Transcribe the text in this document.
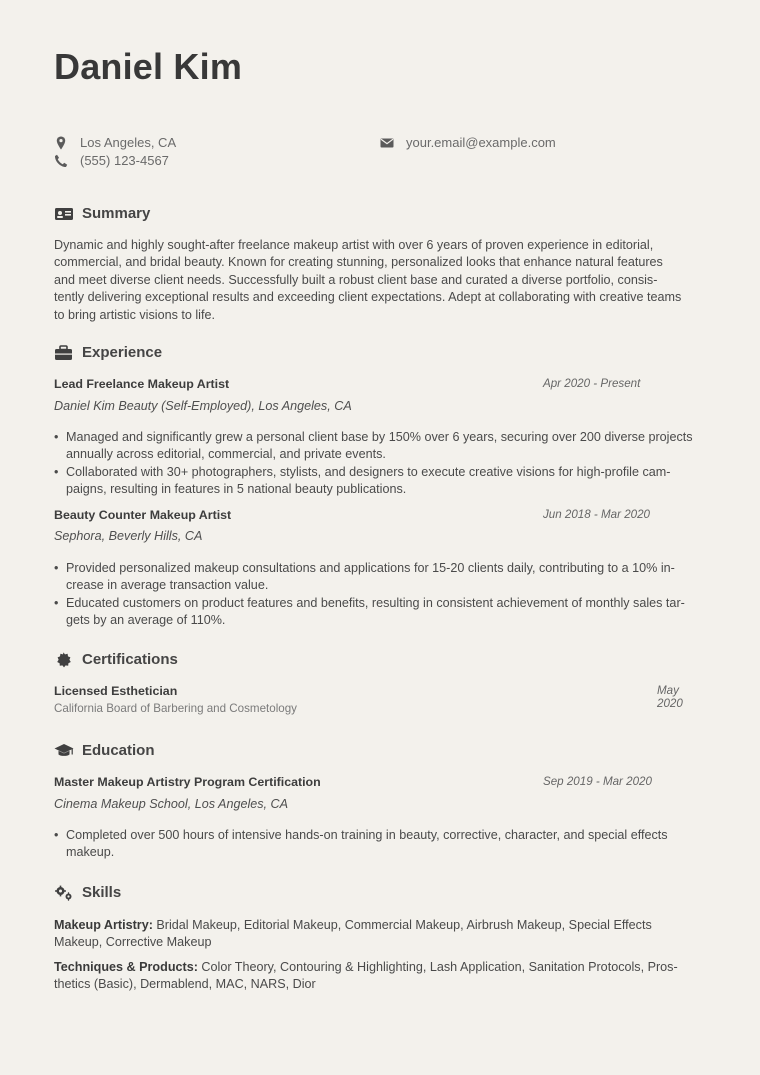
Daniel Kim
Los Angeles, CA	your.email@example.com
(555) 123-4567
Summary
Dynamic and highly sought-after freelance makeup artist with over 6 years of proven experience in editorial,
commercial, and bridal beauty. Known for creating stunning, personalized looks that enhance natural features
and meet diverse client needs. Successfully built a robust client base and curated a diverse portfolio, consis-
tently delivering exceptional results and exceeding client expectations. Adept at collaborating with creative teams
to bring artistic visions to life.
Experience
Lead Freelance Makeup Artist	Apr 2020 - Present
Daniel Kim Beauty (Self-Employed), Los Angeles, CA
• Managed and significantly grew a personal client base by 150% over 6 years, securing over 200 diverse projects
annually across editorial, commercial, and private events.
• Collaborated with 30+ photographers, stylists, and designers to execute creative visions for high-profile cam-
paigns, resulting in features in 5 national beauty publications.
Beauty Counter Makeup Artist	Jun 2018 - Mar 2020
Sephora, Beverly Hills, CA
• Provided personalized makeup consultations and applications for 15-20 clients daily, contributing to a 10% in-
crease in average transaction value.
• Educated customers on product features and benefits, resulting in consistent achievement of monthly sales tar-
gets by an average of 110%.
Certifications
Licensed Esthetician	May 2020
California Board of Barbering and Cosmetology
Education
Master Makeup Artistry Program Certification	Sep 2019 - Mar 2020
Cinema Makeup School, Los Angeles, CA
• Completed over 500 hours of intensive hands-on training in beauty, corrective, character, and special effects
makeup.
Skills
Makeup Artistry: Bridal Makeup, Editorial Makeup, Commercial Makeup, Airbrush Makeup, Special Effects
Makeup, Corrective Makeup
Techniques & Products: Color Theory, Contouring & Highlighting, Lash Application, Sanitation Protocols, Pros-
thetics (Basic), Dermablend, MAC, NARS, Dior
